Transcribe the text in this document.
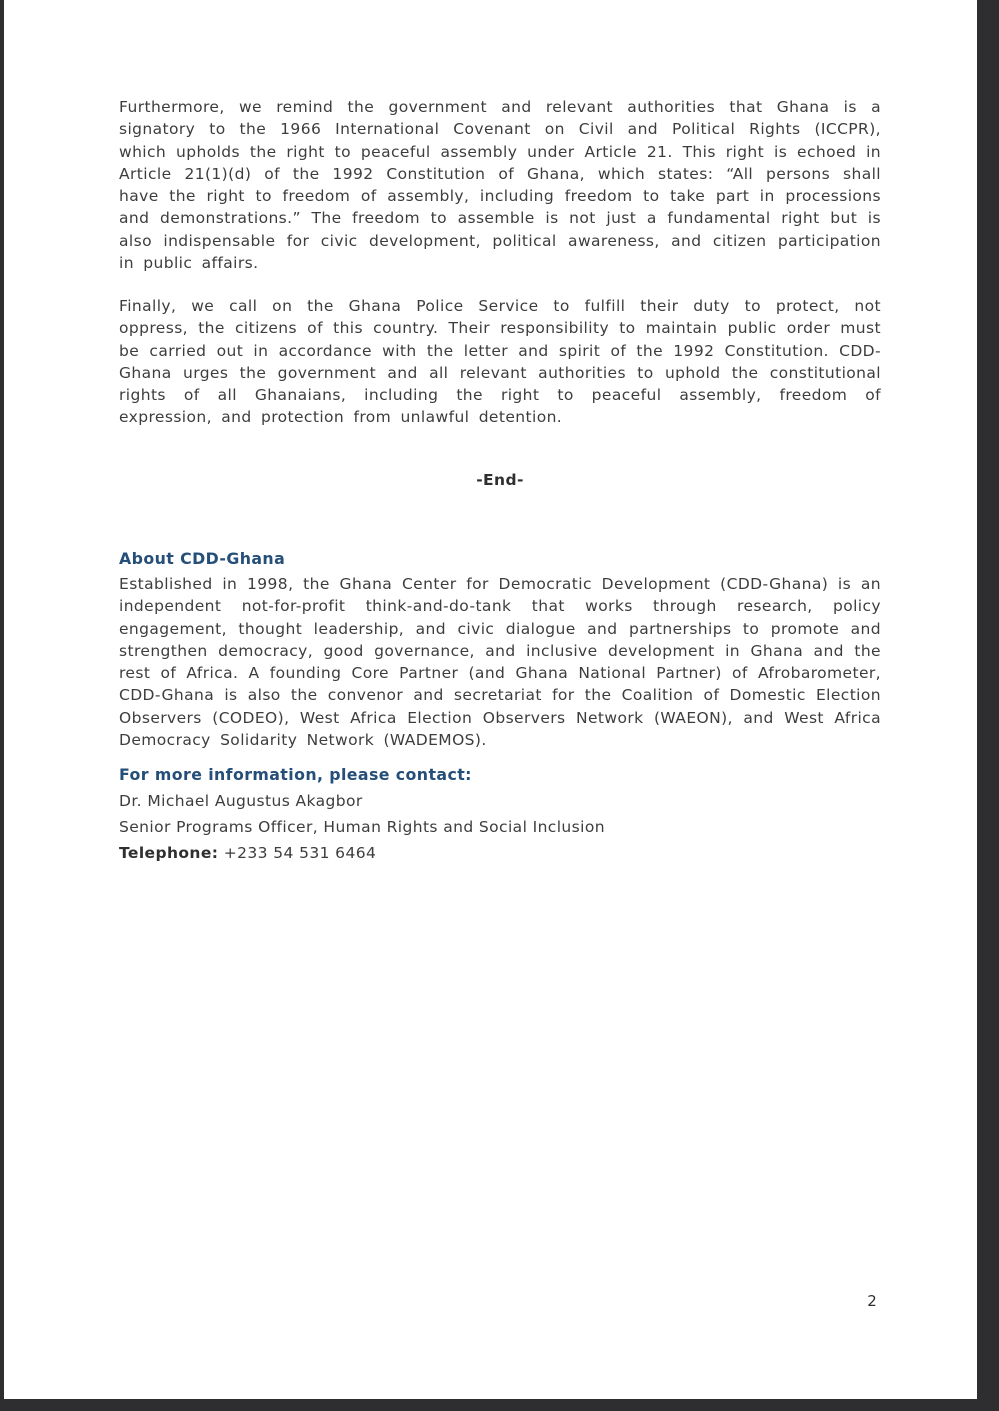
Furthermore, we remind the government and relevant authorities that Ghana is a signatory to the 1966 International Covenant on Civil and Political Rights (ICCPR), which upholds the right to peaceful assembly under Article 21. This right is echoed in Article 21(1)(d) of the 1992 Constitution of Ghana, which states: “All persons shall have the right to freedom of assembly, including freedom to take part in processions and demonstrations.” The freedom to assemble is not just a fundamental right but is also indispensable for civic development, political awareness, and citizen participation in public affairs.

Finally, we call on the Ghana Police Service to fulfill their duty to protect, not oppress, the citizens of this country. Their responsibility to maintain public order must be carried out in accordance with the letter and spirit of the 1992 Constitution. CDD-Ghana urges the government and all relevant authorities to uphold the constitutional rights of all Ghanaians, including the right to peaceful assembly, freedom of expression, and protection from unlawful detention.

-End-
About CDD-Ghana

Established in 1998, the Ghana Center for Democratic Development (CDD-Ghana) is an independent not-for-profit think-and-do-tank that works through research, policy engagement, thought leadership, and civic dialogue and partnerships to promote and strengthen democracy, good governance, and inclusive development in Ghana and the rest of Africa. A founding Core Partner (and Ghana National Partner) of Afrobarometer, CDD-Ghana is also the convenor and secretariat for the Coalition of Domestic Election Observers (CODEO), West Africa Election Observers Network (WAEON), and West Africa Democracy Solidarity Network (WADEMOS).

For more information, please contact:
Dr. Michael Augustus Akagbor
Senior Programs Officer, Human Rights and Social Inclusion
Telephone: +233 54 531 6464
2
